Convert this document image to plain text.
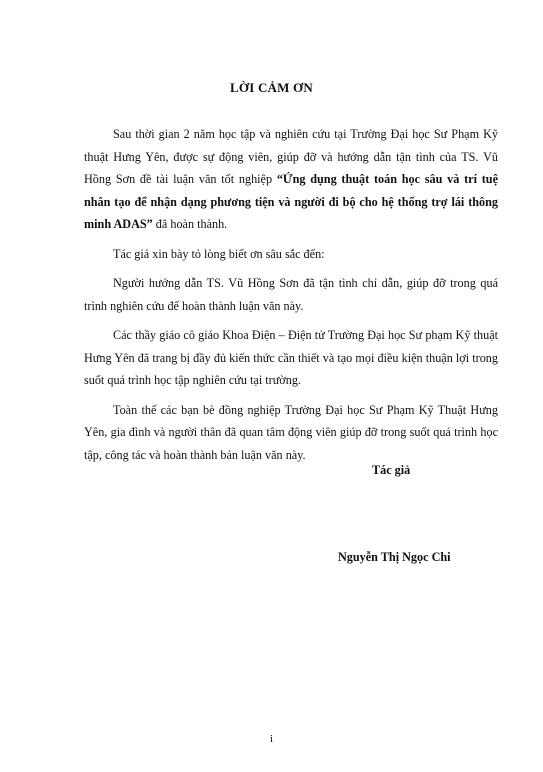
LỜI CẢM ƠN

Sau thời gian 2 năm học tập và nghiên cứu tại Trường Đại học Sư Phạm Kỹ thuật Hưng Yên, được sự động viên, giúp đỡ và hướng dẫn tận tình của TS. Vũ Hồng Sơn đề tài luận văn tốt nghiệp “Ứng dụng thuật toán học sâu và trí tuệ nhân tạo để nhận dạng phương tiện và người đi bộ cho hệ thống trợ lái thông minh ADAS” đã hoàn thành.

Tác giả xin bày tỏ lòng biết ơn sâu sắc đến:

Người hướng dẫn TS. Vũ Hồng Sơn đã tận tình chỉ dẫn, giúp đỡ trong quá trình nghiên cứu để hoàn thành luận văn này.

Các thầy giáo cô giáo Khoa Điện – Điện tử Trường Đại học Sư phạm Kỹ thuật Hưng Yên đã trang bị đầy đủ kiến thức cần thiết và tạo mọi điều kiện thuận lợi trong suốt quá trình học tập nghiên cứu tại trường.

Toàn thể các bạn bè đồng nghiệp Trường Đại học Sư Phạm Kỹ Thuật Hưng Yên, gia đình và người thân đã quan tâm động viên giúp đỡ trong suốt quá trình học tập, công tác và hoàn thành bản luận văn này.

Tác giả
Nguyễn Thị Ngọc Chi
i
